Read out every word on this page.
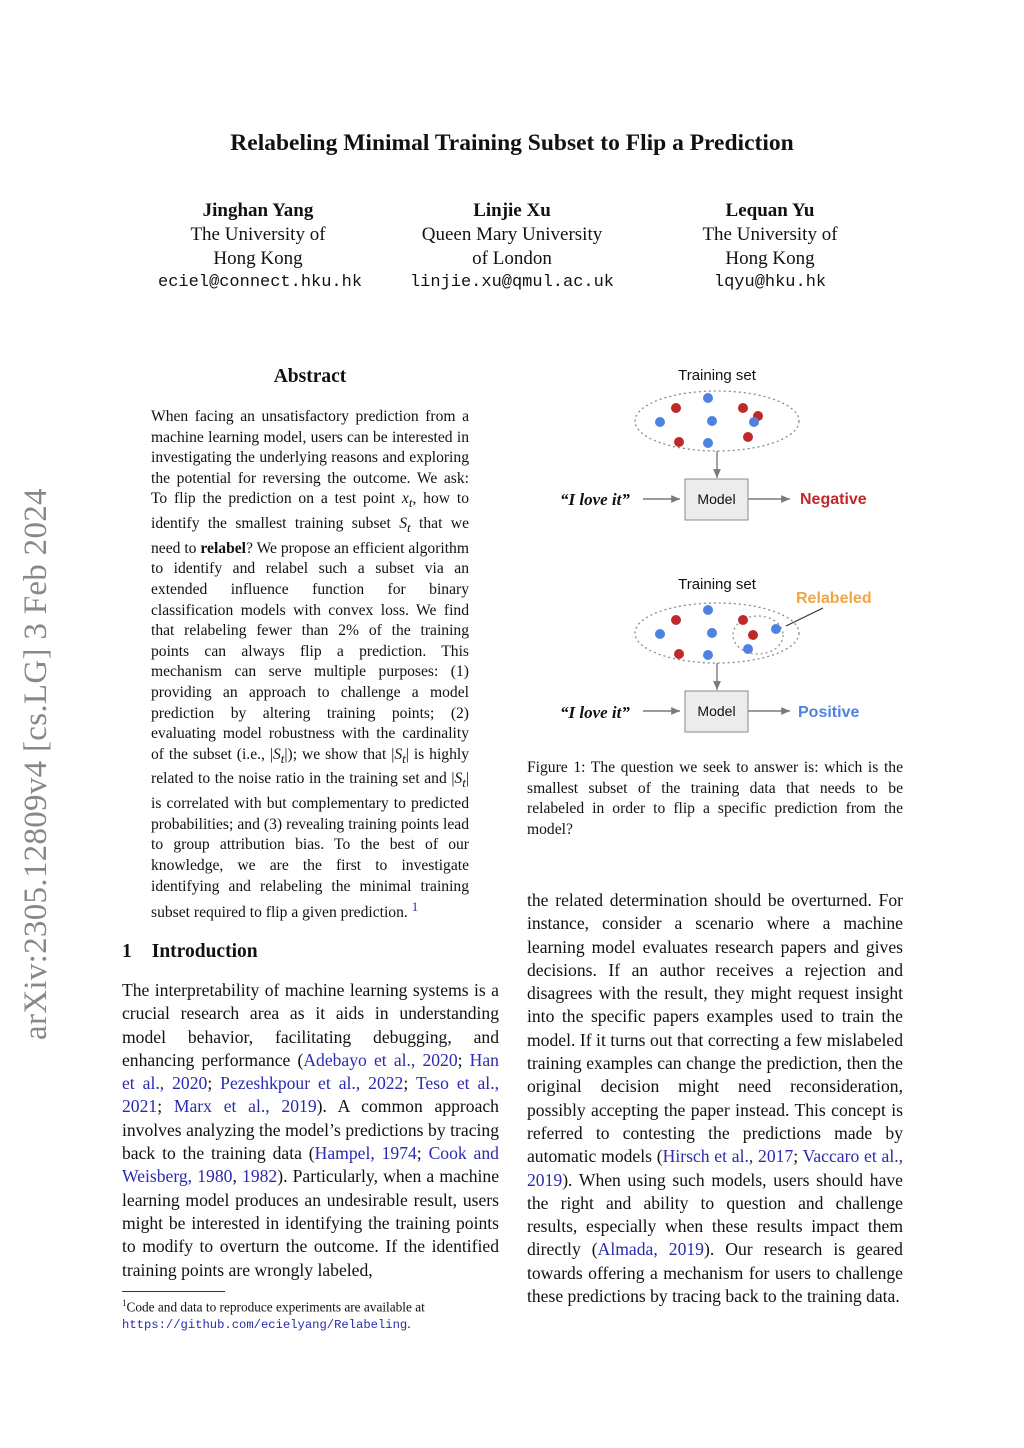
arXiv:2305.12809v4 [cs.LG] 3 Feb 2024
Relabeling Minimal Training Subset to Flip a Prediction
Jinghan Yang
The University of
Hong Kong
eciel@connect.hku.hk
Linjie Xu
Queen Mary University
of London
linjie.xu@qmul.ac.uk
Lequan Yu
The University of
Hong Kong
lqyu@hku.hk
Abstract
When facing an unsatisfactory prediction from a machine learning model, users can be interested in investigating the underlying reasons and exploring the potential for reversing the outcome. We ask: To flip the prediction on a test point $x_t$, how to identify the smallest training subset $S_t$ that we need to relabel? We propose an efficient algorithm to identify and relabel such a subset via an extended influence function for binary classification models with convex loss. We find that relabeling fewer than 2% of the training points can always flip a prediction. This mechanism can serve multiple purposes: (1) providing an approach to challenge a model prediction by altering training points; (2) evaluating model robustness with the cardinality of the subset (i.e., $|S_t|$); we show that $|S_t|$ is highly related to the noise ratio in the training set and $|S_t|$ is correlated with but complementary to predicted probabilities; and (3) revealing training points lead to group attribution bias. To the best of our knowledge, we are the first to investigate identifying and relabeling the minimal training subset required to flip a given prediction. $^1$
1 Introduction
The interpretability of machine learning systems is a crucial research area as it aids in understanding model behavior, facilitating debugging, and enhancing performance (Adebayo et al., 2020; Han et al., 2020; Pezeshkpour et al., 2022; Teso et al., 2021; Marx et al., 2019). A common approach involves analyzing the model’s predictions by tracing back to the training data (Hampel, 1974; Cook and Weisberg, 1980, 1982). Particularly, when a machine learning model produces an undesirable result, users might be interested in identifying the training points to modify to overturn the outcome. If the identified training points are wrongly labeled,
$^1$Code and data to reproduce experiments are available at
https://github.com/ecielyang/Relabeling.
Training set
“I love it”	Model	Negative
Training set
Relabeled
“I love it”	Model	Positive
Figure 1: The question we seek to answer is: which is the smallest subset of the training data that needs to be relabeled in order to flip a specific prediction from the model?
the related determination should be overturned. For instance, consider a scenario where a machine learning model evaluates research papers and gives decisions. If an author receives a rejection and disagrees with the result, they might request insight into the specific papers examples used to train the model. If it turns out that correcting a few mislabeled training examples can change the prediction, then the original decision might need reconsideration, possibly accepting the paper instead. This concept is referred to contesting the predictions made by automatic models (Hirsch et al., 2017; Vaccaro et al., 2019). When using such models, users should have the right and ability to question and challenge results, especially when these results impact them directly (Almada, 2019). Our research is geared towards offering a mechanism for users to challenge these predictions by tracing back to the training data.
